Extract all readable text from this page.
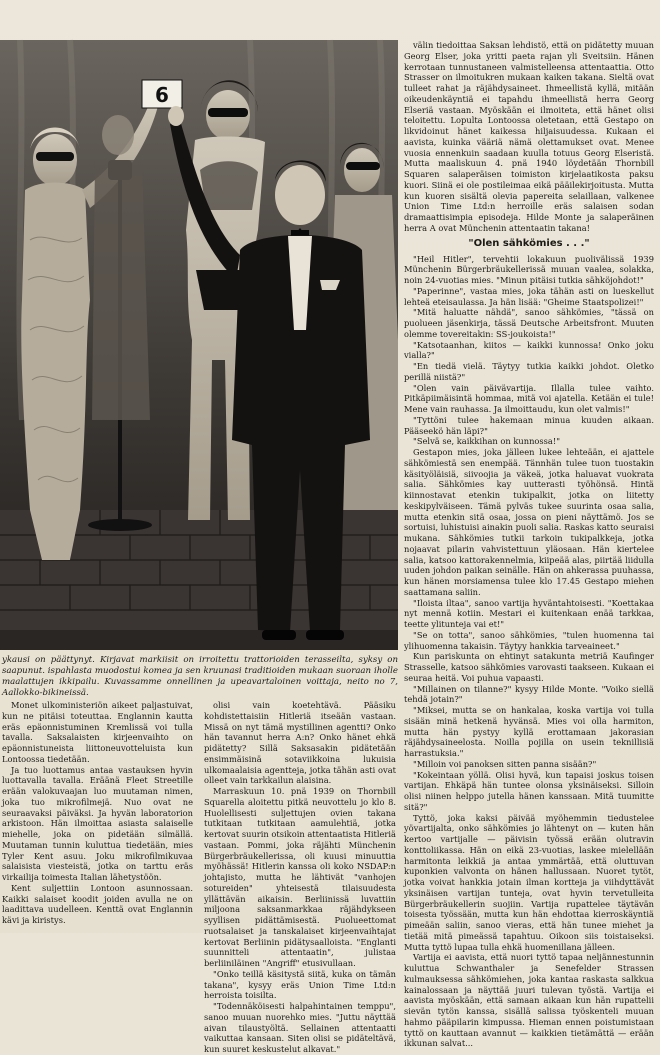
6

ykausi on päättynyt. Kirjavat markiisit on irroitettu trattorioiden terasseilta, syksy on saapunut. ispahlasta muodostui komea ja sen kruunasi traditioiden mukaan suoraan iholle maalattujen ikkipailu. Kuvassamme onnellinen ja upeavartaloinen voittaja, neito no 7, Aallokko-bikineissä.

välin tiedoittaa Saksan lehdistö, että on pidätetty muuan Georg Elser, joka yritti paeta rajan yli Sveitsiin. Hänen kerrotaan tunnustaneen valmistelleensa attentaattia. Otto Strasser on ilmoitukren mukaan kaiken takana. Sieltä ovat tulleet rahat ja räjähdysaineet. Ihmeellistä kyllä, mitään oikeudenkäyntiä ei tapahdu ihmeellistä herra Georg Elseriä vastaan. Myöskään ei ilmoiteta, että hänet olisi teloitettu. Lopulta Lontoossa oletetaan, että Gestapo on likvidoinut hänet kaikessa hiljaisuudessa. Kukaan ei aavista, kuinka vääriä nämä olettamukset ovat. Menee vuosia ennenkuin saadaan kuulla totuus Georg Elseristä. Mutta maaliskuun 4. pnä 1940 löydetään Thornbill Squaren salaperäisen toimiston kirjelaatikosta paksu kuori. Siinä ei ole postileimaa eikä pääilekirjoitusta. Mutta kun kuoren sisältä olevia papereita selaillaan, valkenee Union Time Ltd:n herroille eräs salaisen sodan dramaattisimpia episodeja. Hilde Monte ja salaperäinen herra A ovat Münchenin attentaatin takana!

"Olen sähkömies . . ."

"Heil Hitler", tervehtii lokakuun puolivälissä 1939 Münchenin Bürgerbräukellerissä muuan vaalea, solakka, noin 24-vuotias mies. "Minun pitäisi tutkia sähköjohdot!"

"Paperinne", vastaa mies, joka tähän asti on lueskellut lehteä eteisaulassa. Ja hän lisää: "Gheime Staatspolizei!"

"Mitä haluatte nähdä", sanoo sähkömies, "tässä on puolueen jäsenkirja, tässä Deutsche Arbeitsfront. Muuten olemme tovereitakin: SS-joukoista!"

"Katsotaanhan, kiitos — kaikki kunnossa! Onko joku vialla?"

"En tiedä vielä. Täytyy tutkia kaikki johdot. Oletko perillä niistä?"

"Olen vain päivävartija. Illalla tulee vaihto. Pitkäpiimäisintä hommaa, mitä voi ajatella. Ketään ei tule! Mene vain rauhassa. Ja ilmoittaudu, kun olet valmis!"

"Tyttöni tulee hakemaan minua kuuden aikaan. Pääseekö hän läpi?"

"Selvä se, kaikkihan on kunnossa!"

Gestapon mies, joka jälleen lukee lehteään, ei ajattele sähkömiestä sen enempää. Tännhän tulee tuon tuostakin käsityöläisiä, siivoojia ja väkeä, jotka haluavat vuokrata salia. Sähkömies kay uutterasti työhönsä. Hintä kiinnostavat etenkin tukipalkit, jotka on liitetty keskipylväiseen. Tämä pylväs tukee suurinta osaa salia, mutta etenkin sitä osaa, jossa on pieni näyttämö. Jos se sortuisi, luhistuisi ainakin puoli salia. Raskas katto seuraisi mukana. Sähkömies tutkii tarkoin tukipalkkeja, jotka nojaavat pilarin vahvistettuun yläosaan. Hän kiertelee salia, katsoo kattorakennelmia, kiipeää alas, piirtää liidulla uuden johdon paikan seinälle. Hän on ahkerassa puuhassa, kun hänen morsiamensa tulee klo 17.45 Gestapo miehen saattamana saliin.

"Iloista iltaa", sanoo vartija hyväntahtoisesti. "Koettakaa nyt mennä kotiin. Mestari ei kuitenkaan enää tarkkaa, teette ylitunteja vai et!"

"Se on totta", sanoo sähkömies, "tulen huomenna tai ylihuomenna takaisin. Täytyy hankkia tarveaineet."

Kun pariskunta on ehtinyt satakunta metriä Kaufinger Strasselle, katsoo sähkömies varovasti taakseen. Kukaan ei seuraa heitä. Voi puhua vapaasti.

"Millainen on tilanne?" kysyy Hilde Monte. "Voiko siellä tehdä jotain?"

"Miksei, mutta se on hankalaa, koska vartija voi tulla sisään minä hetkenä hyvänsä. Mies voi olla harmiton, mutta hän pystyy kyllä erottamaan jakorasian räjähdysaineelosta. Noilla pojilla on usein teknillisiä harrastuksia."

"Milloin voi panoksen sitten panna sisään?"

"Kokeintaan yöllä. Olisi hyvä, kun tapaisi joskus toisen vartijan. Ehkäpä hän tuntee olonsa yksinäiseksi. Silloin olisi niinen helppo jutella hänen kanssaan. Mitä tuumitte sitä?"

Tyttö, joka kaksi päivää myöhemmin tiedustelee yövartijalta, onko sähkömies jo lähtenyt on — kuten hän kertoo vartijalle — päivisin työssä erään olutravin konttoliikassa. Hän on eikä 23-vuotias, laskee mielellään harmitonta leikkiä ja antaa ymmärtää, että oluttuvan kuponkien valvonta on hänen hallussaan. Nuoret tytöt, jotka voivat hankkia jotain ilman kortteja ja viihdyttävät yksinäisen vartijan tunteja, ovat hyvin tervetulleita Bürgerbräukellerin suojiin. Vartija rupattelee täytävän toisesta työssään, mutta kun hän ehdottaa kierroskäyntiä pimeään saliin, sanoo vieras, että hän tunee miehet ja tietää mitä pimeässä tapahtuu. Oikoon siis toistaiseksi. Mutta tyttö lupaa tulla ehkä huomenillana jälleen.

Vartija ei aavista, että nuori tyttö tapaa neljännestunnin kuluttua Schwanthaler ja Senefelder Strassen kulmauksessa sähkömiehen, joka kantaa raskasta salkkua kainalossaan ja näyttää juuri tulevan työstä. Vartija ei aavista myöskään, että samaan aikaan kun hän rupattelii sievän tytön kanssa, sisällä salissa työskenteli muuan hahmo pääpilarin kimpussa. Hieman ennen poistumistaan tyttö on kauttaan avannut — kaikkien tietämättä — erään ikkunan salvat...

Monet ulkoministeriön aikeet paljastuivat, kun ne pitäisi toteuttaa. Englannin kautta eräs epäonnistuminen Kremlissä voi tulla tavalla. Saksalaisten kirjeenvaihto on epäonnistuneista liittoneuvotteluista kun Lontoossa tiedetään.

Ja tuo luottamus antaa vastauksen hyvin luottavalla tavalla. Eräänä Fleet Streetille erään valokuvaajan luo muutaman nimen, joka tuo mikrofilmejä. Nuo ovat ne seuraavaksi päiväksi. Ja hyvän laboratorion arkistoon. Hän ilmoittaa asiasta salaiselle miehelle, joka on pidetään silmällä. Muutaman tunnin kuluttua tiedetään, mies Tyler Kent asuu. Joku mikrofilmikuvaa salaisista viesteistä, jotka on tarttu eräs virkailija toimesta Italian lähetystöön.

Kent suljettiin Lontoon asunnossaan. Kaikki salaiset koodit joiden avulla ne on laadittava uudelleen. Kenttä ovat Englannin kävi ja kiristys.

olisi vain koetehtävä. Pääsiku kohdistettaisiin Hitleriä itseään vastaan. Missä on nyt tämä mystillinen agentti? Onko hän tavannut herra A:n? Onko hänet ehkä pidätetty? Sillä Saksasakin pidätetään ensimmäisinä sotaviikkoina lukuisia ulkomaalaisia agentteja, jotka tähän asti ovat olleet vain tarkkailun alaisina.

Marraskuun 10. pnä 1939 on Thornbill Squarella aloitettu pitkä neuvottelu jo klo 8. Huolellisesti suljettujen ovien takana tutkitaan tutkitaan aamulehtiä, jotka kertovat suurin otsikoin attentaatista Hitleriä vastaan. Pommi, joka räjähti Münchenin Bürgerbräukellerissa, oli kuusi minuuttia myöhässä! Hitlerin kanssa oli koko NSDAP:n johtajisto, mutta he lähtivät "vanhojen sotureiden" yhteisestä tilaisuudesta yllättävän aikaisin. Berliinissä luvattiin miljoona saksanmarkkaa räjähdykseen syyllisen pidättämisestä. Puolueettomat ruotsalaiset ja tanskalaiset kirjeenvaihtajat kertovat Berliinin pidätysaalloista. "Englanti suunnitteli attentaatin", julistaa berliiniläinen "Angriff" etusivullaan.

"Onko teillä käsitystä siitä, kuka on tämän takana", kysyy eräs Union Time Ltd:n herroista toisilta.

"Todennäköisesti halpahintainen temppu", sanoo muuan nuorehko mies. "Juttu näyttää aivan tilaustyöltä. Sellainen attentaatti vaikuttaa kansaan. Siten olisi se pidäteltävä, kun suuret keskustelut alkavat."
